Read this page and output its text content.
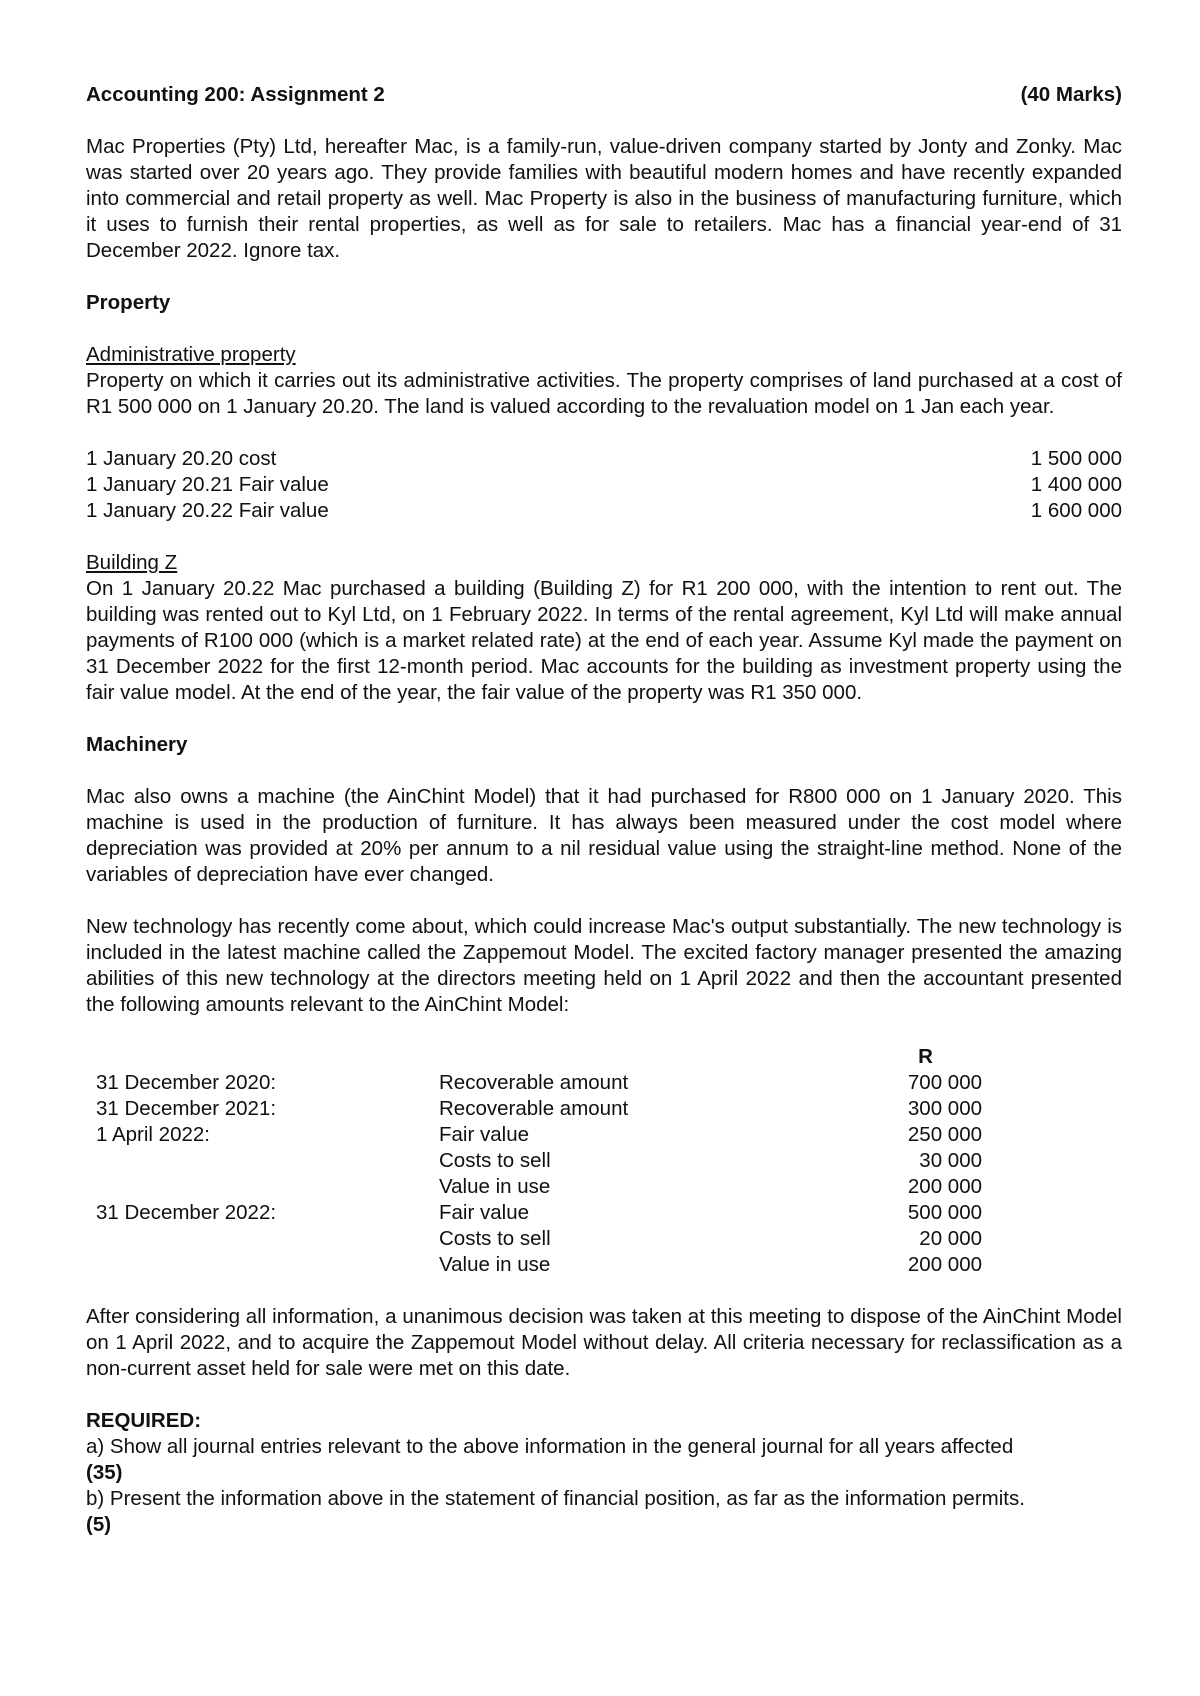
Accounting 200: Assignment 2	(40 Marks)

Mac Properties (Pty) Ltd, hereafter Mac, is a family-run, value-driven company started by Jonty and Zonky. Mac was started over 20 years ago. They provide families with beautiful modern homes and have recently expanded into commercial and retail property as well. Mac Property is also in the business of manufacturing furniture, which it uses to furnish their rental properties, as well as for sale to retailers. Mac has a financial year-end of 31 December 2022. Ignore tax.

Property
Administrative property

Property on which it carries out its administrative activities. The property comprises of land purchased at a cost of R1 500 000 on 1 January 20.20. The land is valued according to the revaluation model on 1 Jan each year.

1 January 20.20 cost	1 500 000
1 January 20.21 Fair value	1 400 000
1 January 20.22 Fair value	1 600 000
Building Z

On 1 January 20.22 Mac purchased a building (Building Z) for R1 200 000, with the intention to rent out. The building was rented out to Kyl Ltd, on 1 February 2022. In terms of the rental agreement, Kyl Ltd will make annual payments of R100 000 (which is a market related rate) at the end of each year. Assume Kyl made the payment on 31 December 2022 for the first 12-month period. Mac accounts for the building as investment property using the fair value model. At the end of the year, the fair value of the property was R1 350 000.

Machinery

Mac also owns a machine (the AinChint Model) that it had purchased for R800 000 on 1 January 2020. This machine is used in the production of furniture. It has always been measured under the cost model where depreciation was provided at 20% per annum to a nil residual value using the straight-line method. None of the variables of depreciation have ever changed.

New technology has recently come about, which could increase Mac's output substantially. The new technology is included in the latest machine called the Zappemout Model. The excited factory manager presented the amazing abilities of this new technology at the directors meeting held on 1 April 2022 and then the accountant presented the following amounts relevant to the AinChint Model:

		R
31 December 2020:	Recoverable amount	700 000
31 December 2021:	Recoverable amount	300 000
1 April 2022:	Fair value	250 000
	Costs to sell	30 000
	Value in use	200 000
31 December 2022:	Fair value	500 000
	Costs to sell	20 000
	Value in use	200 000

After considering all information, a unanimous decision was taken at this meeting to dispose of the AinChint Model on 1 April 2022, and to acquire the Zappemout Model without delay. All criteria necessary for reclassification as a non-current asset held for sale were met on this date.

REQUIRED:

a) Show all journal entries relevant to the above information in the general journal for all years affected

(35)

b) Present the information above in the statement of financial position, as far as the information permits.

(5)
